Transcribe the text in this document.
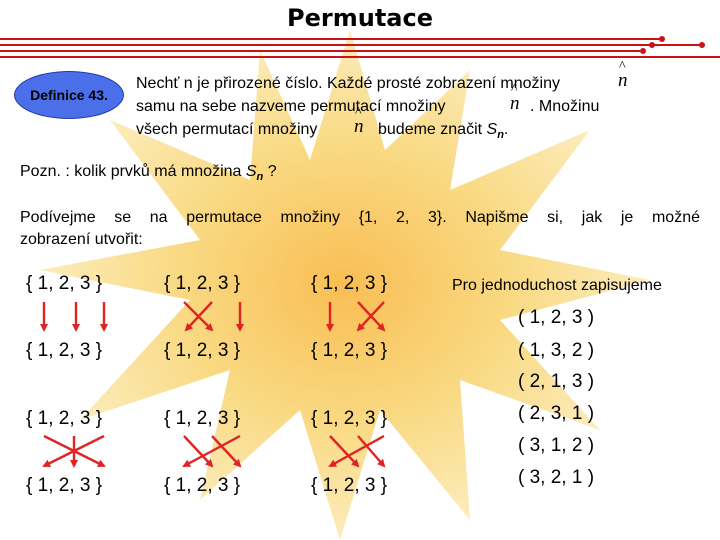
Permutace
Definice 43.
Nechť n je přirozené číslo. Každé prosté zobrazení množiny	^ n
samu na sebe nazveme permutací množiny	^ n . Množinu
všech permutací množiny ^ n budeme značit $S_n$.
Pozn. : kolik prvků má množina $S_n$ ?
Podívejme se na permutace množiny {1, 2, 3}. Napišme si, jak je možné
zobrazení utvořit:
{ 1, 2, 3 }	{ 1, 2, 3 }	{ 1, 2, 3 }
{ 1, 2, 3 }	{ 1, 2, 3 }	{ 1, 2, 3 }
{ 1, 2, 3 }	{ 1, 2, 3 }	{ 1, 2, 3 }
{ 1, 2, 3 }	{ 1, 2, 3 }	{ 1, 2, 3 }
Pro jednoduchost zapisujeme
( 1, 2, 3 )
( 1, 3, 2 )
( 2, 1, 3 )
( 2, 3, 1 )
( 3, 1, 2 )
( 3, 2, 1 )
